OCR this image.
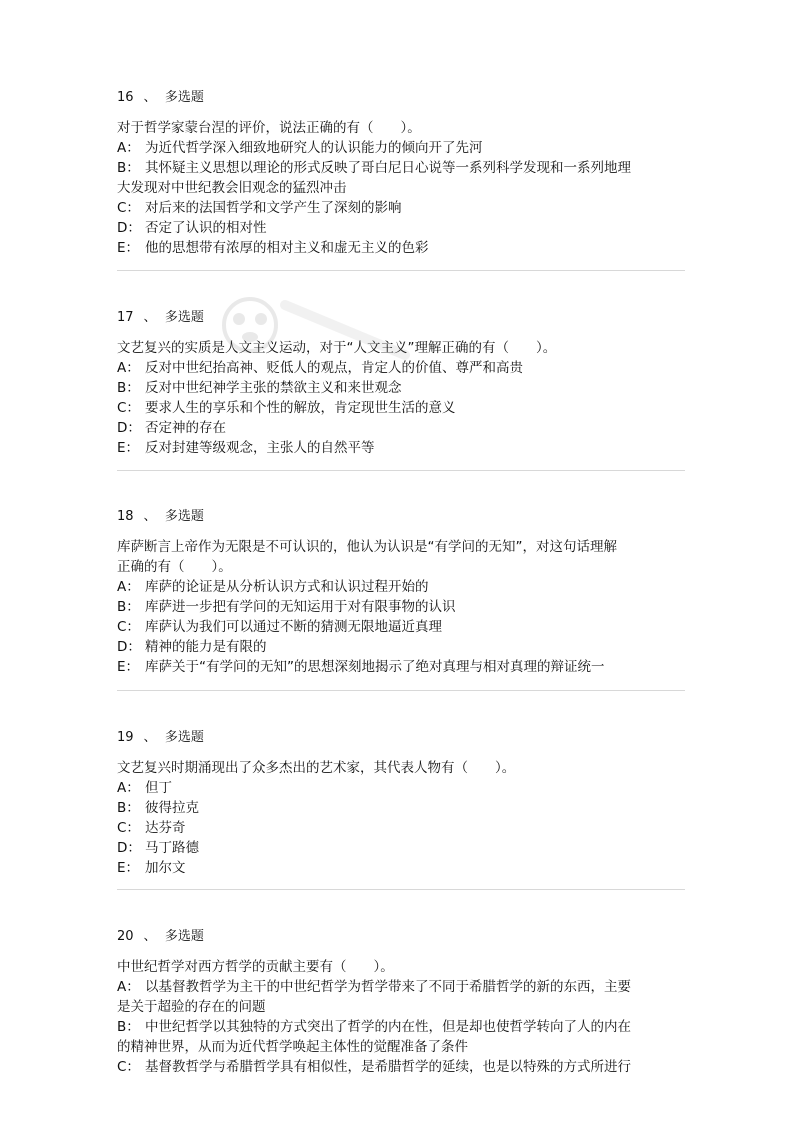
16 、 多选题
对于哲学家蒙台涅的评价，说法正确的有（　　）。
A： 为近代哲学深入细致地研究人的认识能力的倾向开了先河
B： 其怀疑主义思想以理论的形式反映了哥白尼日心说等一系列科学发现和一系列地理
大发现对中世纪教会旧观念的猛烈冲击
C： 对后来的法国哲学和文学产生了深刻的影响
D： 否定了认识的相对性
E： 他的思想带有浓厚的相对主义和虚无主义的色彩
17 、 多选题
文艺复兴的实质是人文主义运动，对于“人文主义”理解正确的有（　　）。
A： 反对中世纪抬高神、贬低人的观点，肯定人的价值、尊严和高贵
B： 反对中世纪神学主张的禁欲主义和来世观念
C： 要求人生的享乐和个性的解放，肯定现世生活的意义
D： 否定神的存在
E： 反对封建等级观念，主张人的自然平等
18 、 多选题
库萨断言上帝作为无限是不可认识的，他认为认识是“有学问的无知”，对这句话理解
正确的有（　　）。
A： 库萨的论证是从分析认识方式和认识过程开始的
B： 库萨进一步把有学问的无知运用于对有限事物的认识
C： 库萨认为我们可以通过不断的猜测无限地逼近真理
D： 精神的能力是有限的
E： 库萨关于“有学问的无知”的思想深刻地揭示了绝对真理与相对真理的辩证统一
19 、 多选题
文艺复兴时期涌现出了众多杰出的艺术家，其代表人物有（　　）。
A： 但丁
B： 彼得拉克
C： 达芬奇
D： 马丁路德
E： 加尔文
20 、 多选题
中世纪哲学对西方哲学的贡献主要有（　　）。
A： 以基督教哲学为主干的中世纪哲学为哲学带来了不同于希腊哲学的新的东西，主要
是关于超验的存在的问题
B： 中世纪哲学以其独特的方式突出了哲学的内在性，但是却也使哲学转向了人的内在
的精神世界，从而为近代哲学唤起主体性的觉醒准备了条件
C： 基督教哲学与希腊哲学具有相似性，是希腊哲学的延续，也是以特殊的方式所进行
